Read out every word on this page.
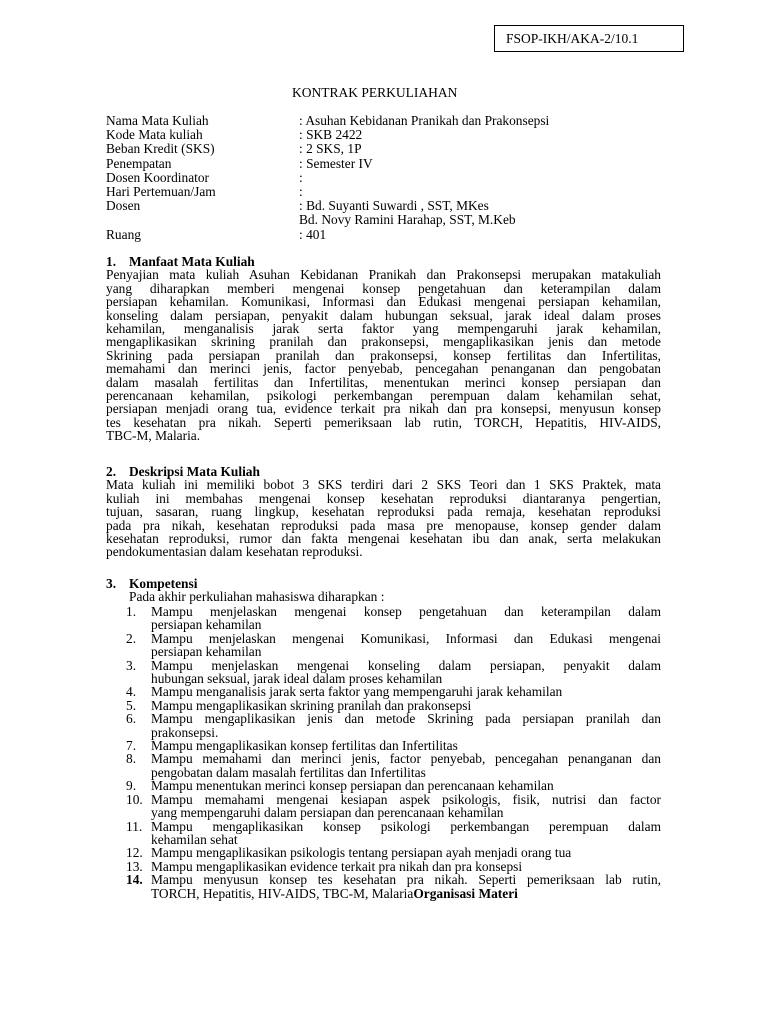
FSOP-IKH/AKA-2/10.1
KONTRAK PERKULIAHAN
Nama Mata Kuliah	: Asuhan Kebidanan Pranikah dan Prakonsepsi
Kode Mata kuliah	: SKB 2422
Beban Kredit (SKS)	: 2 SKS, 1P
Penempatan	: Semester IV
Dosen Koordinator	:
Hari Pertemuan/Jam	:
Dosen	: Bd. Suyanti Suwardi , SST, MKes
Bd. Novy Ramini Harahap, SST, M.Keb
Ruang	: 401
1. Manfaat Mata Kuliah
Penyajian mata kuliah Asuhan Kebidanan Pranikah dan Prakonsepsi merupakan matakuliah
yang diharapkan memberi mengenai konsep pengetahuan dan keterampilan dalam
persiapan kehamilan. Komunikasi, Informasi dan Edukasi mengenai persiapan kehamilan,
konseling dalam persiapan, penyakit dalam hubungan seksual, jarak ideal dalam proses
kehamilan, menganalisis jarak serta faktor yang mempengaruhi jarak kehamilan,
mengaplikasikan skrining pranilah dan prakonsepsi, mengaplikasikan jenis dan metode
Skrining pada persiapan pranilah dan prakonsepsi, konsep fertilitas dan Infertilitas,
memahami dan merinci jenis, factor penyebab, pencegahan penanganan dan pengobatan
dalam masalah fertilitas dan Infertilitas, menentukan merinci konsep persiapan dan
perencanaan kehamilan, psikologi perkembangan perempuan dalam kehamilan sehat,
persiapan menjadi orang tua, evidence terkait pra nikah dan pra konsepsi, menyusun konsep
tes kesehatan pra nikah. Seperti pemeriksaan lab rutin, TORCH, Hepatitis, HIV-AIDS,
TBC-M, Malaria.
2. Deskripsi Mata Kuliah
Mata kuliah ini memiliki bobot 3 SKS terdiri dari 2 SKS Teori dan 1 SKS Praktek, mata
kuliah ini membahas mengenai konsep kesehatan reproduksi diantaranya pengertian,
tujuan, sasaran, ruang lingkup, kesehatan reproduksi pada remaja, kesehatan reproduksi
pada pra nikah, kesehatan reproduksi pada masa pre menopause, konsep gender dalam
kesehatan reproduksi, rumor dan fakta mengenai kesehatan ibu dan anak, serta melakukan
pendokumentasian dalam kesehatan reproduksi.
3. Kompetensi
Pada akhir perkuliahan mahasiswa diharapkan :
1. Mampu menjelaskan mengenai konsep pengetahuan dan keterampilan dalam
persiapan kehamilan
2. Mampu menjelaskan mengenai Komunikasi, Informasi dan Edukasi mengenai
persiapan kehamilan
3. Mampu menjelaskan mengenai konseling dalam persiapan, penyakit dalam
hubungan seksual, jarak ideal dalam proses kehamilan
4. Mampu menganalisis jarak serta faktor yang mempengaruhi jarak kehamilan
5. Mampu mengaplikasikan skrining pranilah dan prakonsepsi
6. Mampu mengaplikasikan jenis dan metode Skrining pada persiapan pranilah dan
prakonsepsi.
7. Mampu mengaplikasikan konsep fertilitas dan Infertilitas
8. Mampu memahami dan merinci jenis, factor penyebab, pencegahan penanganan dan
pengobatan dalam masalah fertilitas dan Infertilitas
9. Mampu menentukan merinci konsep persiapan dan perencanaan kehamilan
10. Mampu memahami mengenai kesiapan aspek psikologis, fisik, nutrisi dan factor
yang mempengaruhi dalam persiapan dan perencanaan kehamilan
11. Mampu mengaplikasikan konsep psikologi perkembangan perempuan dalam
kehamilan sehat
12. Mampu mengaplikasikan psikologis tentang persiapan ayah menjadi orang tua
13. Mampu mengaplikasikan evidence terkait pra nikah dan pra konsepsi
14. Mampu menyusun konsep tes kesehatan pra nikah. Seperti pemeriksaan lab rutin,
TORCH, Hepatitis, HIV-AIDS, TBC-M, MalariaOrganisasi Materi
